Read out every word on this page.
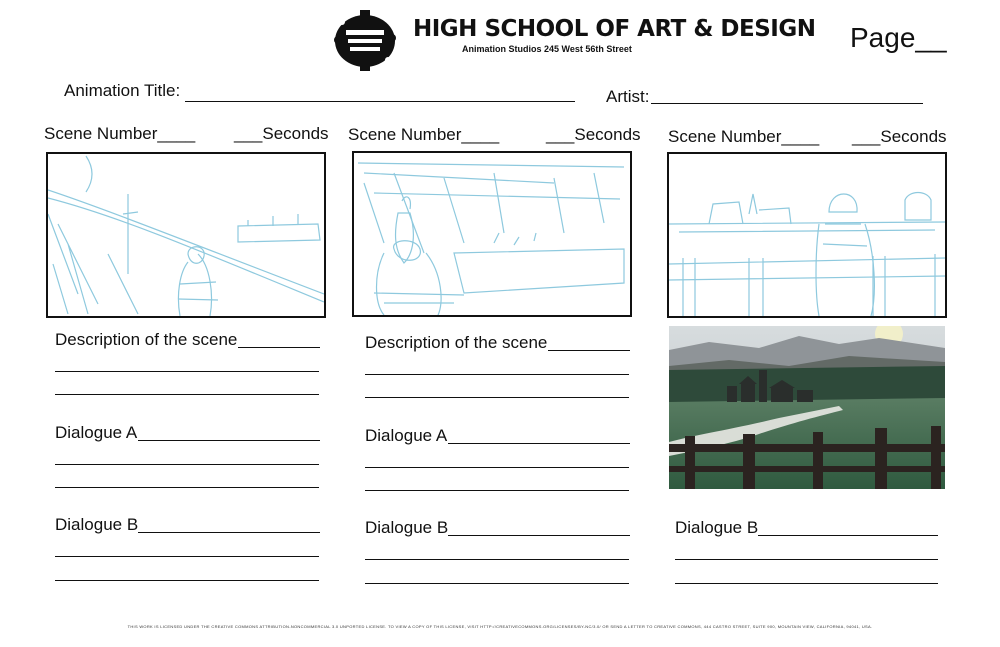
HIGH SCHOOL OF ART & DESIGN
Animation Studios 245 West 56th Street	Page__
Animation Title:	Artist:
Scene Number____ ___Seconds
Description of the scene
Dialogue A
Dialogue B
Scene Number____	___Seconds
Description of the scene
Dialogue A
Dialogue B
Scene Number____ ___Seconds
Dialogue B
THIS WORK IS LICENSED UNDER THE CREATIVE COMMONS ATTRIBUTION-NONCOMMERCIAL 3.0 UNPORTED LICENSE. TO VIEW A COPY OF THIS LICENSE, VISIT HTTP://CREATIVECOMMONS.ORG/LICENSES/BY-NC/3.0/ OR SEND A LETTER TO CREATIVE COMMONS, 444 CASTRO STREET, SUITE 900, MOUNTAIN VIEW, CALIFORNIA, 94041, USA.
